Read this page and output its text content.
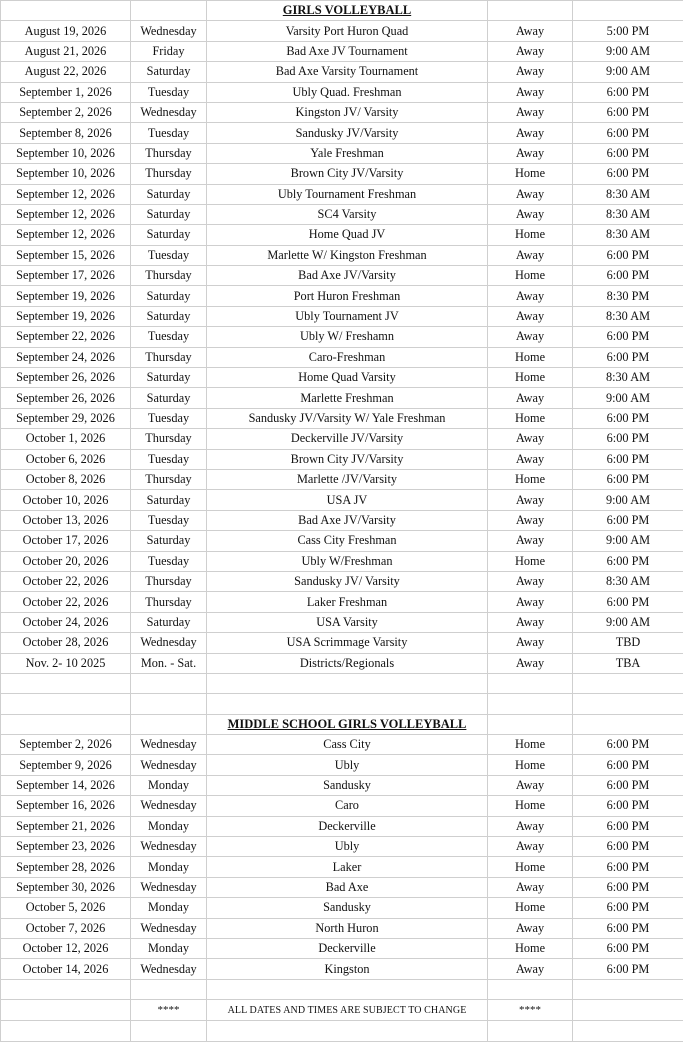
		GIRLS VOLLEYBALL		
August 19, 2026	Wednesday	Varsity Port Huron Quad	Away	5:00 PM
August 21, 2026	Friday	Bad Axe JV Tournament	Away	9:00 AM
August 22, 2026	Saturday	Bad Axe Varsity Tournament	Away	9:00 AM
September 1, 2026	Tuesday	Ubly Quad. Freshman	Away	6:00 PM
September 2, 2026	Wednesday	Kingston JV/ Varsity	Away	6:00 PM
September 8, 2026	Tuesday	Sandusky JV/Varsity	Away	6:00 PM
September 10, 2026	Thursday	Yale Freshman	Away	6:00 PM
September 10, 2026	Thursday	Brown City JV/Varsity	Home	6:00 PM
September 12, 2026	Saturday	Ubly Tournament Freshman	Away	8:30 AM
September 12, 2026	Saturday	SC4 Varsity	Away	8:30 AM
September 12, 2026	Saturday	Home Quad JV	Home	8:30 AM
September 15, 2026	Tuesday	Marlette W/ Kingston Freshman	Away	6:00 PM
September 17, 2026	Thursday	Bad Axe JV/Varsity	Home	6:00 PM
September 19, 2026	Saturday	Port Huron Freshman	Away	8:30 PM
September 19, 2026	Saturday	Ubly Tournament JV	Away	8:30 AM
September 22, 2026	Tuesday	Ubly W/ Freshamn	Away	6:00 PM
September 24, 2026	Thursday	Caro-Freshman	Home	6:00 PM
September 26, 2026	Saturday	Home Quad Varsity	Home	8:30 AM
September 26, 2026	Saturday	Marlette Freshman	Away	9:00 AM
September 29, 2026	Tuesday	Sandusky JV/Varsity W/ Yale Freshman	Home	6:00 PM
October 1, 2026	Thursday	Deckerville JV/Varsity	Away	6:00 PM
October 6, 2026	Tuesday	Brown City JV/Varsity	Away	6:00 PM
October 8, 2026	Thursday	Marlette /JV/Varsity	Home	6:00 PM
October 10, 2026	Saturday	USA JV	Away	9:00 AM
October 13, 2026	Tuesday	Bad Axe JV/Varsity	Away	6:00 PM
October 17, 2026	Saturday	Cass City Freshman	Away	9:00 AM
October 20, 2026	Tuesday	Ubly W/Freshman	Home	6:00 PM
October 22, 2026	Thursday	Sandusky JV/ Varsity	Away	8:30 AM
October 22, 2026	Thursday	Laker Freshman	Away	6:00 PM
October 24, 2026	Saturday	USA Varsity	Away	9:00 AM
October 28, 2026	Wednesday	USA Scrimmage Varsity	Away	TBD
Nov. 2- 10 2025	Mon. - Sat.	Districts/Regionals	Away	TBA

		MIDDLE SCHOOL GIRLS VOLLEYBALL		
September 2, 2026	Wednesday	Cass City	Home	6:00 PM
September 9, 2026	Wednesday	Ubly	Home	6:00 PM
September 14, 2026	Monday	Sandusky	Away	6:00 PM
September 16, 2026	Wednesday	Caro	Home	6:00 PM
September 21, 2026	Monday	Deckerville	Away	6:00 PM
September 23, 2026	Wednesday	Ubly	Away	6:00 PM
September 28, 2026	Monday	Laker	Home	6:00 PM
September 30, 2026	Wednesday	Bad Axe	Away	6:00 PM
October 5, 2026	Monday	Sandusky	Home	6:00 PM
October 7, 2026	Wednesday	North Huron	Away	6:00 PM
October 12, 2026	Monday	Deckerville	Home	6:00 PM
October 14, 2026	Wednesday	Kingston	Away	6:00 PM

	****	ALL DATES AND TIMES ARE SUBJECT TO CHANGE	****	
